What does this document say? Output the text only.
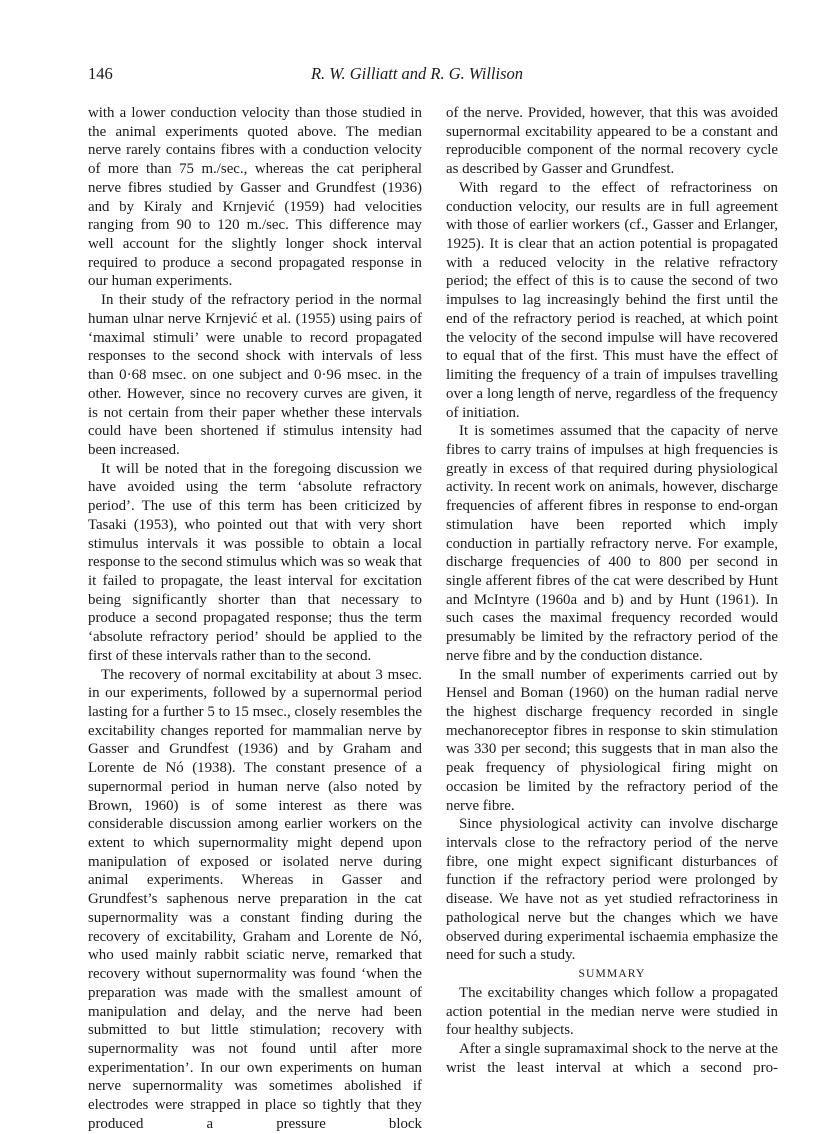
146	R. W. Gilliatt and R. G. Willison

with a lower conduction velocity than those studied in the animal experiments quoted above. The median nerve rarely contains fibres with a conduction velocity of more than 75 m./sec., whereas the cat peripheral nerve fibres studied by Gasser and Grundfest (1936) and by Kiraly and Krnjević (1959) had velocities ranging from 90 to 120 m./sec. This difference may well account for the slightly longer shock interval required to produce a second propagated response in our human experiments.

In their study of the refractory period in the normal human ulnar nerve Krnjević et al. (1955) using pairs of ‘maximal stimuli’ were unable to record propagated responses to the second shock with intervals of less than 0·68 msec. on one subject and 0·96 msec. in the other. However, since no recovery curves are given, it is not certain from their paper whether these intervals could have been shortened if stimulus intensity had been increased.

It will be noted that in the foregoing discussion we have avoided using the term ‘absolute refractory period’. The use of this term has been criticized by Tasaki (1953), who pointed out that with very short stimulus intervals it was possible to obtain a local response to the second stimulus which was so weak that it failed to propagate, the least interval for excitation being significantly shorter than that necessary to produce a second propagated response; thus the term ‘absolute refractory period’ should be applied to the first of these intervals rather than to the second.

The recovery of normal excitability at about 3 msec. in our experiments, followed by a supernormal period lasting for a further 5 to 15 msec., closely resembles the excitability changes reported for mammalian nerve by Gasser and Grundfest (1936) and by Graham and Lorente de Nó (1938). The constant presence of a supernormal period in human nerve (also noted by Brown, 1960) is of some interest as there was considerable discussion among earlier workers on the extent to which supernormality might depend upon manipulation of exposed or isolated nerve during animal experiments. Whereas in Gasser and Grundfest’s saphenous nerve preparation in the cat supernormality was a constant finding during the recovery of excitability, Graham and Lorente de Nó, who used mainly rabbit sciatic nerve, remarked that recovery without supernormality was found ‘when the preparation was made with the smallest amount of manipulation and delay, and the nerve had been submitted to but little stimulation; recovery with supernormality was not found until after more experimentation’. In our own experiments on human nerve supernormality was sometimes abolished if electrodes were strapped in place so tightly that they produced a pressure block

of the nerve. Provided, however, that this was avoided supernormal excitability appeared to be a constant and reproducible component of the normal recovery cycle as described by Gasser and Grundfest.

With regard to the effect of refractoriness on conduction velocity, our results are in full agreement with those of earlier workers (cf., Gasser and Erlanger, 1925). It is clear that an action potential is propagated with a reduced velocity in the relative refractory period; the effect of this is to cause the second of two impulses to lag increasingly behind the first until the end of the refractory period is reached, at which point the velocity of the second impulse will have recovered to equal that of the first. This must have the effect of limiting the frequency of a train of impulses travelling over a long length of nerve, regardless of the frequency of initiation.

It is sometimes assumed that the capacity of nerve fibres to carry trains of impulses at high frequencies is greatly in excess of that required during physiological activity. In recent work on animals, however, discharge frequencies of afferent fibres in response to end-organ stimulation have been reported which imply conduction in partially refractory nerve. For example, discharge frequencies of 400 to 800 per second in single afferent fibres of the cat were described by Hunt and McIntyre (1960a and b) and by Hunt (1961). In such cases the maximal frequency recorded would presumably be limited by the refractory period of the nerve fibre and by the conduction distance.

In the small number of experiments carried out by Hensel and Boman (1960) on the human radial nerve the highest discharge frequency recorded in single mechanoreceptor fibres in response to skin stimulation was 330 per second; this suggests that in man also the peak frequency of physiological firing might on occasion be limited by the refractory period of the nerve fibre.

Since physiological activity can involve discharge intervals close to the refractory period of the nerve fibre, one might expect significant disturbances of function if the refractory period were prolonged by disease. We have not as yet studied refractoriness in pathological nerve but the changes which we have observed during experimental ischaemia emphasize the need for such a study.

SUMMARY

The excitability changes which follow a propagated action potential in the median nerve were studied in four healthy subjects.

After a single supramaximal shock to the nerve at the wrist the least interval at which a second pro-
